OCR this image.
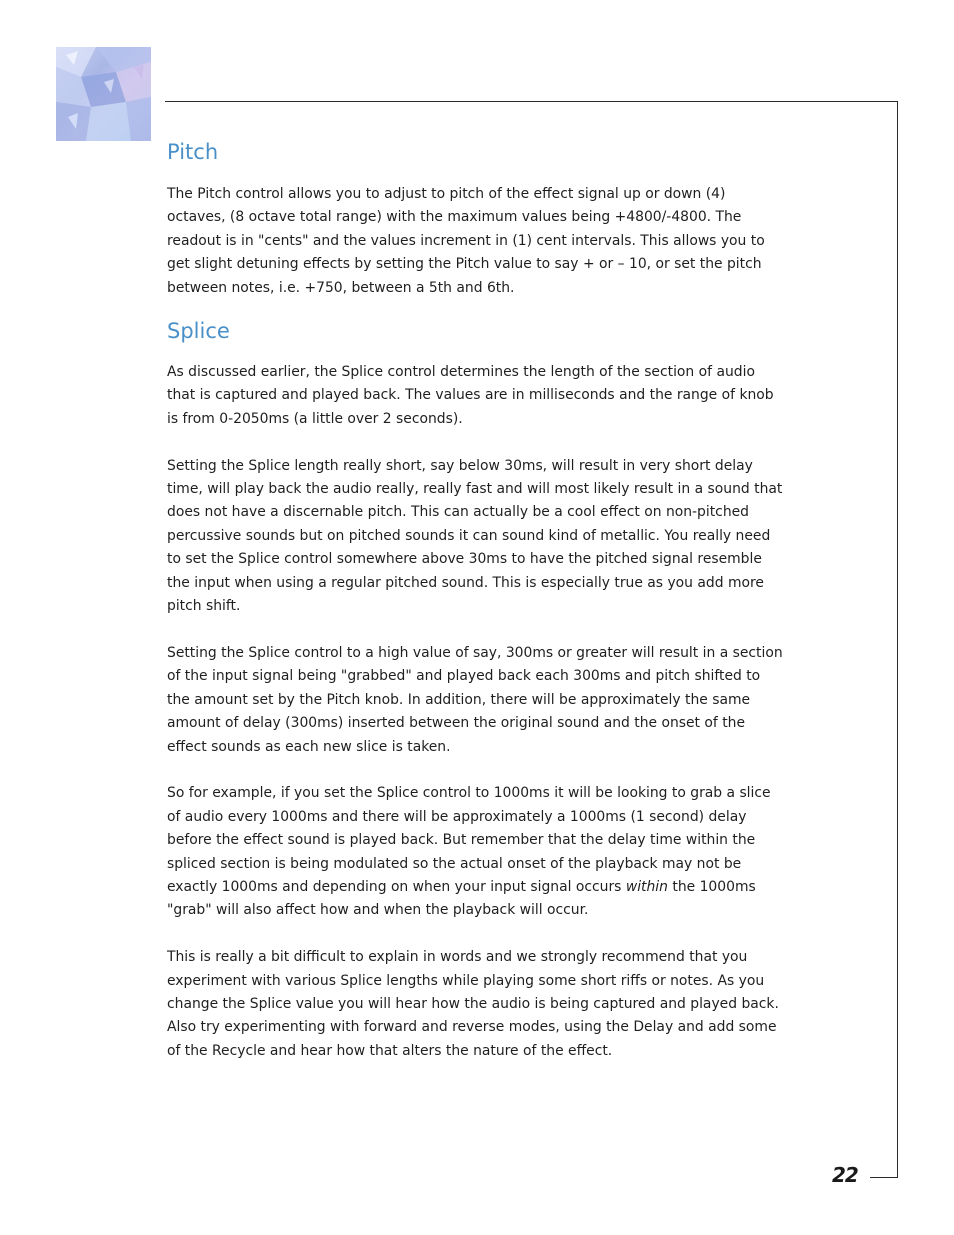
22
Pitch

The Pitch control allows you to adjust to pitch of the effect signal up or down (4) octaves, (8 octave total range) with the maximum values being +4800/-4800. The readout is in "cents" and the values increment in (1) cent intervals. This allows you to get slight detuning effects by setting the Pitch value to say + or – 10, or set the pitch between notes, i.e. +750, between a 5th and 6th.

Splice

As discussed earlier, the Splice control determines the length of the section of audio that is captured and played back. The values are in milliseconds and the range of knob is from 0-2050ms (a little over 2 seconds).

Setting the Splice length really short, say below 30ms, will result in very short delay time, will play back the audio really, really fast and will most likely result in a sound that does not have a discernable pitch. This can actually be a cool effect on non-pitched percussive sounds but on pitched sounds it can sound kind of metallic. You really need to set the Splice control somewhere above 30ms to have the pitched signal resemble the input when using a regular pitched sound. This is especially true as you add more pitch shift.

Setting the Splice control to a high value of say, 300ms or greater will result in a section of the input signal being "grabbed" and played back each 300ms and pitch shifted to the amount set by the Pitch knob. In addition, there will be approximately the same amount of delay (300ms) inserted between the original sound and the onset of the effect sounds as each new slice is taken.

So for example, if you set the Splice control to 1000ms it will be looking to grab a slice of audio every 1000ms and there will be approximately a 1000ms (1 second) delay before the effect sound is played back. But remember that the delay time within the spliced section is being modulated so the actual onset of the playback may not be exactly 1000ms and depending on when your input signal occurs within the 1000ms "grab" will also affect how and when the playback will occur.

This is really a bit difficult to explain in words and we strongly recommend that you experiment with various Splice lengths while playing some short riffs or notes. As you change the Splice value you will hear how the audio is being captured and played back. Also try experimenting with forward and reverse modes, using the Delay and add some of the Recycle and hear how that alters the nature of the effect.
